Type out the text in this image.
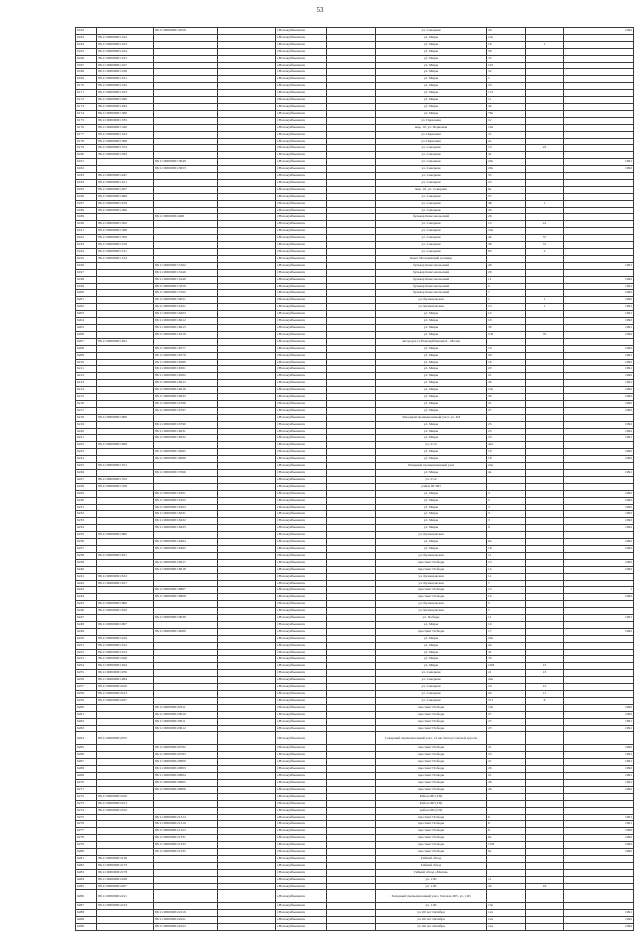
53
6162		86:11:0000000:12056		г.Новокуйбышевск		ул. Северная	20		1992
6163	86:11:0000000:1222			г.Новокуйбышевск		ул. Миры	14а		
6164	86:11:0000000:1223			г.Новокуйбышевск		ул. Миры	16	1	
6165	86:11:0000000:1224			г.Новокуйбышевск		ул. Миры	58		
6166	86:11:0000000:1225			г.Новокуйбышевск		ул. Миры	72		
6167	86:11:0000000:1227			г.Новокуйбышевск		ул. Миры	101		
6168	86:11:0000000:1230			г.Новокуйбышевск		ул. Миры	52		
6169	86:11:0000000:1231			г.Новокуйбышевск		ул. Миры	1		
6170	86:11:0000000:1232			г.Новокуйбышевск		ул. Миры	23		
6171	86:11:0000000:1233			г.Новокуйбышевск		ул. Миры	151		
6172	86:11:0000000:1290			г.Новокуйбышевск		ул. Миры	11		
6173	86:11:0000000:1294			г.Новокуйбышевск		ул. Миры	42		
6174	86:11:0000000:1300			г.Новокуйбышевск		ул. Миры	78а		
6175	86:11:0000000:1335			г.Новокуйбышевск		ул. Первомая	12		
6176	86:11:0000000:1340			г.Новокуйбышевск		мкр. 10, ул. Первомая	10а		
6177	86:11:0000000:1343			г.Новокуйбышевск		ул. Первомая	7а		
6178	86:11:0000000:1369			г.Новокуйбышевск		ул. Первомая	2а		
6179	86:11:0000000:1374			г.Новокуйбышевск		ул. Северная	13	22	
6180	86:11:0000000:1393			г.Новокуйбышевск		ул. Северная	41		
6181		86:11:0000000:13049		г.Новокуйбышевск		ул. Северная	29а		1991
6182		86:11:0000000:13053		г.Новокуйбышевск		ул. Северная	29а		1992
6183	86:11:0000000:1447			г.Новокуйбышевск		ул. Северная	55		
6184	86:11:0000000:1451			г.Новокуйбышевск		ул. Северная	25		
6185	86:11:0000000:1467			г.Новокуйбышевск		мкр. 10, ул. Северная	9а		
6186	86:11:0000000:1669			г.Новокуйбышевск		ул. Северная	57		
6187	86:11:0000000:1679			г.Новокуйбышевск		ул. Северная	48	1	
6188	86:11:0000000:1466			г.Новокуйбышевск		ул. Северная	20		
6189		86:11:0000000:2468		г.Новокуйбышевск		бульвар Комсомольский	26		
6190	86:11:0000000:1502			г.Новокуйбышевск		ул. Северная	15	41	
6191	86:11:0000000:1508			г.Новокуйбышевск		ул. Северная	19а		
6192	86:11:0000000:1509			г.Новокуйбышевск		ул. Северная	40	37	
6193	86:11:0000000:1510			г.Новокуйбышевск		ул. Северная	38	31	
6194	86:11:0000000:1511			г.Новокуйбышевск		ул. Северная	63	2	
6195	86:11:0000000:1514			г.Новокуйбышевск		Берег Молодёжный граница			
6196		86:11:0000000:13162		г.Новокуйбышевск		бульвар Комсомольский	26		1991
6197		86:11:0000000:13246		г.Новокуйбышевск		бульвар Комсомольский	20		
6198		86:11:0000000:13248		г.Новокуйбышевск		бульвар Комсомольский	11		1992
6199		86:11:0000000:13250		г.Новокуйбышевск		бульвар Комсомольский	5		1991
6200		86:11:0000000:15762		г.Новокуйбышевск		бульвар Комсомольский	7		1992
6201		86:11:0000000:16051		г.Новокуйбышевск		ул. Кузнецовская	1	1	1992
6202		86:11:0000000:16101		г.Новокуйбышевск		ул. Кузнецовская	15	1	1991
6203		86:11:0000000:16203		г.Новокуйбышевск		ул. Миры	12		1991
6204		86:11:0000000:16612		г.Новокуйбышевск		ул. Миры	19		1992
6205		86:11:0000000:16613		г.Новокуйбышевск		ул. Миры	30		1991
6206		86:11:0000000:16316		г.Новокуйбышевск		ул. Миры	5/П	35	1992
6207	86:11:0000000:1652			г.Новокуйбышевск		автодорога г.Новокуйбышевск - Малая			
6208		86:11:0000000:16577		г.Новокуйбышевск		ул. Миры	10		1992
6209		86:11:0000000:16579		г.Новокуйбышевск		ул. Миры	20		1991
6210		86:11:0000000:16580		г.Новокуйбышевск		ул. Миры	16		1992
6211		86:11:0000000:16581		г.Новокуйбышевск		ул. Миры	20		1991
6212		86:11:0000000:16582		г.Новокуйбышевск		ул. Миры	21		1992
6213		86:11:0000000:16613		г.Новокуйбышевск		ул. Миры	26		1991
6214		86:11:0000000:16616		г.Новокуйбышевск		ул. Миры	10а		1992
6215		86:11:0000000:16633		г.Новокуйбышевск		ул. Миры	30		1992
6216		86:11:0000000:16786		г.Новокуйбышевск		ул. Миры	21		1992
6217		86:11:0000000:16797		г.Новокуйбышевск		ул. Миры	27		1992
6218	86:11:0000000:1690			г.Новокуйбышевск		Западный промышленный узел, ул. 4П			
6219		86:11:0000000:16790		г.Новокуйбышевск		ул. Миры	23		1992
6220		86:11:0000000:16931		г.Новокуйбышевск		ул. Миры	25		1992
6221		86:11:0000000:16932		г.Новокуйбышевск		ул. Миры	23		1991
6222	86:11:0000000:1698			г.Новокуйбышевск		ул. 2/12	42а		
6223		86:11:0000000:16995		г.Новокуйбышевск		ул. Миры	18		1992
6224		86:11:0000000:16998		г.Новокуйбышевск		ул. Миры	18		1992
6225	86:11:0000000:1701			г.Новокуйбышевск		Западный промышленный узел	24а		
6226		86:11:0000000:17066		г.Новокуйбышевск		ул. Миры	4а		1991
6227	86:11:0000000:1702			г.Новокуйбышевск		ул. 2/12			
6228	86:11:0000000:1708			г.Новокуйбышевск		район III-ПП			
6229		86:11:0000000:18101		г.Новокуйбышевск		ул. Миры	3		1992
6230		86:11:0000000:18102		г.Новокуйбышевск		ул. Миры	2		1992
6231		86:11:0000000:18103		г.Новокуйбышевск		ул. Миры	3		1992
6232		86:11:0000000:18431		г.Новокуйбышевск		ул. Миры	3		1992
6233		86:11:0000000:18432		г.Новокуйбышевск		ул. Миры	3		1992
6234		86:11:0000000:18433		г.Новокуйбышевск		ул. Миры	9		1992
6235	86:11:0000000:1800			г.Новокуйбышевск		ул. Кузнецовская			
6236		86:11:0000000:18494		г.Новокуйбышевск		ул. Миры	64		1992
6237		86:11:0000000:18495		г.Новокуйбышевск		ул. Миры	18		1992
6238	86:11:0000000:1811			г.Новокуйбышевск		ул. Кузнецовская	11		
6239		86:11:0000000:18617		г.Новокуйбышевск		проспект Победы	15		1992
6240		86:11:0000000:18618		г.Новокуйбышевск		проспект Победы	14		1992
6241	86:11:0000000:1812			г.Новокуйбышевск		ул. Кузнецовская	11		
6242	86:11:0000000:1817			г.Новокуйбышевск		ул. Кузнецовская	7		
6243		86:11:0000000:18867		г.Новокуйбышевск		проспект Победы	15		1
6244		86:11:0000000:18868		г.Новокуйбышевск		проспект Победы	12		1992
6245	86:11:0000000:1800			г.Новокуйбышевск		ул. Кузнецовская	5		
6246	86:11:0000000:1810			г.Новокуйбышевск		ул. Кузнецовская	7		
6247		86:11:0000000:19039		г.Новокуйбышевск		ул. Победы	11		1991
6248	86:11:0000000:1907			г.Новокуйбышевск		ул. Миры	10		
6249		86:11:0000000:19089		г.Новокуйбышевск		проспект Победы	17		1992
6250	86:11:0000000:1910			г.Новокуйбышевск		ул. Миры	29а		
6251	86:11:0000000:1912			г.Новокуйбышевск		ул. Миры	24		
6252	86:11:0000000:1913			г.Новокуйбышевск		ул. Миры	41		
6253	86:11:0000000:1920			г.Новокуйбышевск		ул. Миры	76		
6254	86:11:0000000:1924			г.Новокуйбышевск		ул. Миры	10П	15	
6255	86:11:0000000:1976			г.Новокуйбышевск		ул. Северная	21	13	
6256	86:11:0000000:1984			г.Новокуйбышевск		ул. Северная	24а		
6257	86:11:0000000:2010			г.Новокуйбышевск		ул. Северная	19	15	
6258	86:11:0000000:2013			г.Новокуйбышевск		ул. Северная	20	11	
6259	86:11:0000000:2037			г.Новокуйбышевск		ул. Северная	571	8	
6260		86:11:0000000:20311		г.Новокуйбышевск		проспект Победы	19а		1992
6261		86:11:0000000:20610		г.Новокуйбышевск		проспект Победы	27		1992
6262		86:11:0000000:20611		г.Новокуйбышевск		проспект Победы	27		1991
6263		86:11:0000000:20612		г.Новокуйбышевск		проспект Победы	23		1991
6264	86:11:0000000:2072			г.Новокуйбышевск		Северный промышленный узел, 12 км Златоустовской дороги			
6265		86:11:0000000:20792		г.Новокуйбышевск		проспект Победы	21		1992
6266		86:11:0000000:20793		г.Новокуйбышевск		проспект Победы	23		1991
6267		86:11:0000000:20800		г.Новокуйбышевск		проспект Победы	21		1991
6268		86:11:0000000:20803		г.Новокуйбышевск		проспект Победы	26		1992
6269		86:11:0000000:20804		г.Новокуйбышевск		проспект Победы	21		1991
6270		86:11:0000000:20805		г.Новокуйбышевск		проспект Победы	28		1991
6271		86:11:0000000:20806		г.Новокуйбышевск		проспект Победы	26		1992
6272	86:11:0000000:2100			г.Новокуйбышевск		Район ПП (ГП)			
6273	86:11:0000000:2101			г.Новокуйбышевск		Район ПП (ГП)			
6274	86:11:0000000:2102			г.Новокуйбышевск		район ПП (ГП)			
6275		86:11:0000000:21314		г.Новокуйбышевск		проспект Победы	6		1991
6276		86:11:0000000:21316		г.Новокуйбышевск		проспект Победы	6		1991
6277		86:11:0000000:21323		г.Новокуйбышевск		проспект Победы	6		1990
6278		86:11:0000000:21331		г.Новокуйбышевск		проспект Победы	6а		1992
6279		86:11:0000000:21333		г.Новокуйбышевск		проспект Победы	13П		1992
6280		86:11:0000000:21335		г.Новокуйбышевск		проспект Победы	6а		1992
6281	86:11:0000000:2158			г.Новокуйбышевск		Гибкий обход			
6282	86:11:0000000:2173			г.Новокуйбышевск		Гибкий обход			
6283	86:11:0000000:2178			г.Новокуйбышевск		Гибкий обход «Малая»			
6284	86:11:0000000:2188			г.Новокуйбышевск		ул. 11П	11		
6285	86:11:0000000:2207			г.Новокуйбышевск		ул. 11П	43	16	
6286	86:11:0000000:2211			г.Новокуйбышевск		Западный промышленный узел, Гаплаль 905, ул. 11П			
6287	86:11:0000000:2213			г.Новокуйбышевск		ул. 11П	13а		
6288		86:11:0000000:22219		г.Новокуйбышевск		ул. 60 лет Октября	12а		1991
6289		86:11:0000000:22221		г.Новокуйбышевск		ул. 60 лет Октября	12а		1992
6290		86:11:0000000:22223		г.Новокуйбышевск		ул. 60 лет Октября	12а		1992
